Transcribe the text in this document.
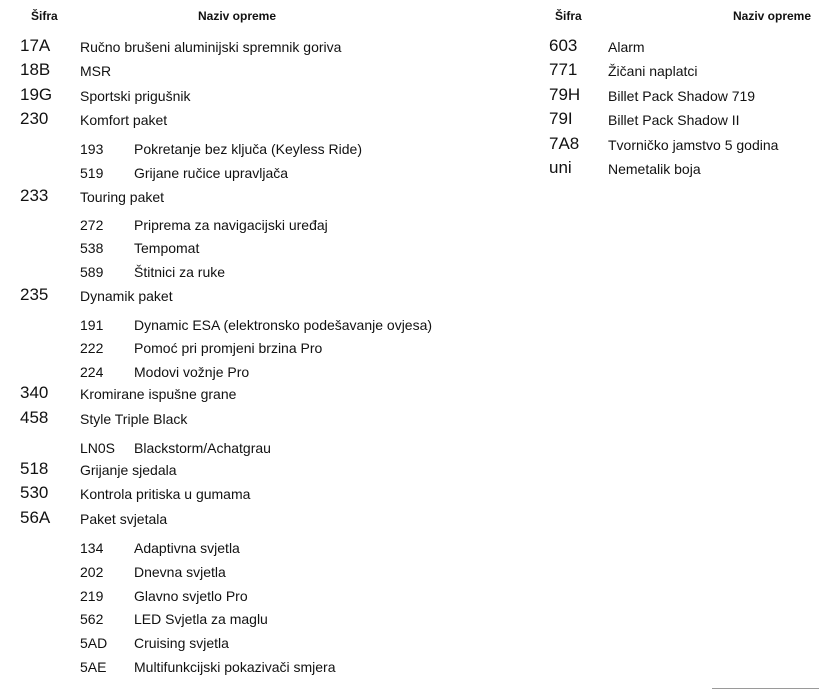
Šifra	Naziv opreme	Šifra	Naziv opreme
17A Ručno brušeni aluminijski spremnik goriva
18B MSR
19G Sportski prigušnik
230 Komfort paket
193 Pokretanje bez ključa (Keyless Ride)
519 Grijane ručice upravljača
233 Touring paket
272 Priprema za navigacijski uređaj
538 Tempomat
589 Štitnici za ruke
235 Dynamik paket
191 Dynamic ESA (elektronsko podešavanje ovjesa)
222 Pomoć pri promjeni brzina Pro
224 Modovi vožnje Pro
340 Kromirane ispušne grane
458 Style Triple Black
LN0S Blackstorm/Achatgrau
518 Grijanje sjedala
530 Kontrola pritiska u gumama
56A Paket svjetala
134 Adaptivna svjetla
202 Dnevna svjetla
219 Glavno svjetlo Pro
562 LED Svjetla za maglu
5AD Cruising svjetla
5AE Multifunkcijski pokazivači smjera
603 Alarm
771 Žičani naplatci
79H Billet Pack Shadow 719
79I	Billet Pack Shadow II
7A8 Tvorničko jamstvo 5 godina
uni	Nemetalik boja
